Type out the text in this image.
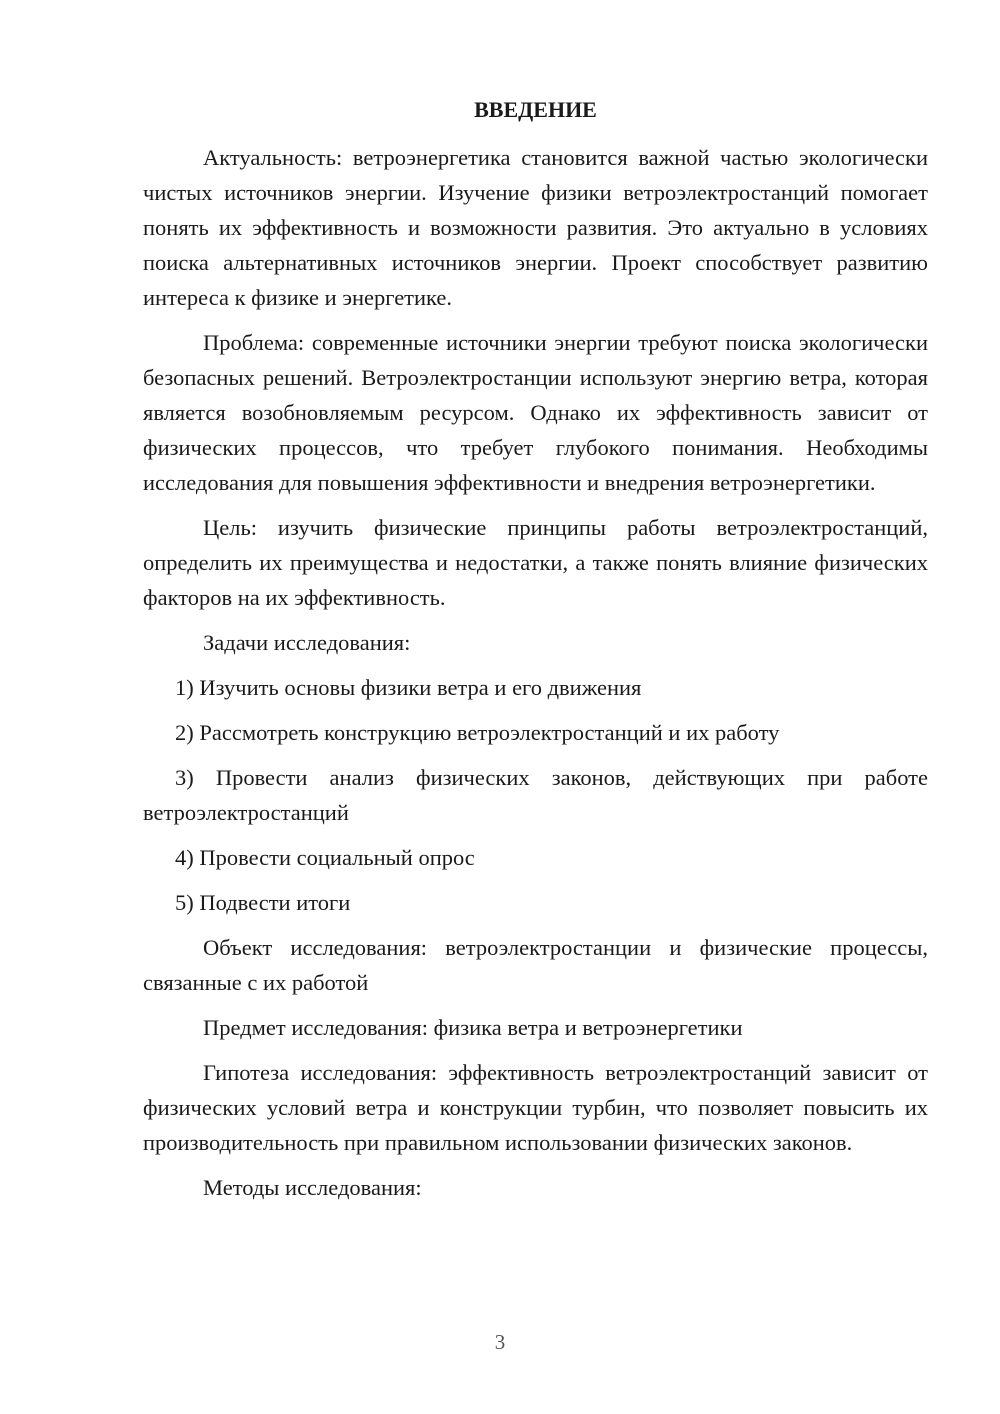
ВВЕДЕНИЕ

Актуальность: ветроэнергетика становится важной частью экологически чистых источников энергии. Изучение физики ветроэлектростанций помогает понять их эффективность и возможности развития. Это актуально в условиях поиска альтернативных источников энергии. Проект способствует развитию интереса к физике и энергетике.

Проблема: современные источники энергии требуют поиска экологически безопасных решений. Ветроэлектростанции используют энергию ветра, которая является возобновляемым ресурсом. Однако их эффективность зависит от физических процессов, что требует глубокого понимания. Необходимы исследования для повышения эффективности и внедрения ветроэнергетики.

Цель: изучить физические принципы работы ветроэлектростанций, определить их преимущества и недостатки, а также понять влияние физических факторов на их эффективность.

Задачи исследования:

1) Изучить основы физики ветра и его движения

2) Рассмотреть конструкцию ветроэлектростанций и их работу

3) Провести анализ физических законов, действующих при работе ветроэлектростанций

4) Провести социальный опрос

5) Подвести итоги

Объект исследования: ветроэлектростанции и физические процессы, связанные с их работой

Предмет исследования: физика ветра и ветроэнергетики

Гипотеза исследования: эффективность ветроэлектростанций зависит от физических условий ветра и конструкции турбин, что позволяет повысить их производительность при правильном использовании физических законов.

Методы исследования:

3
